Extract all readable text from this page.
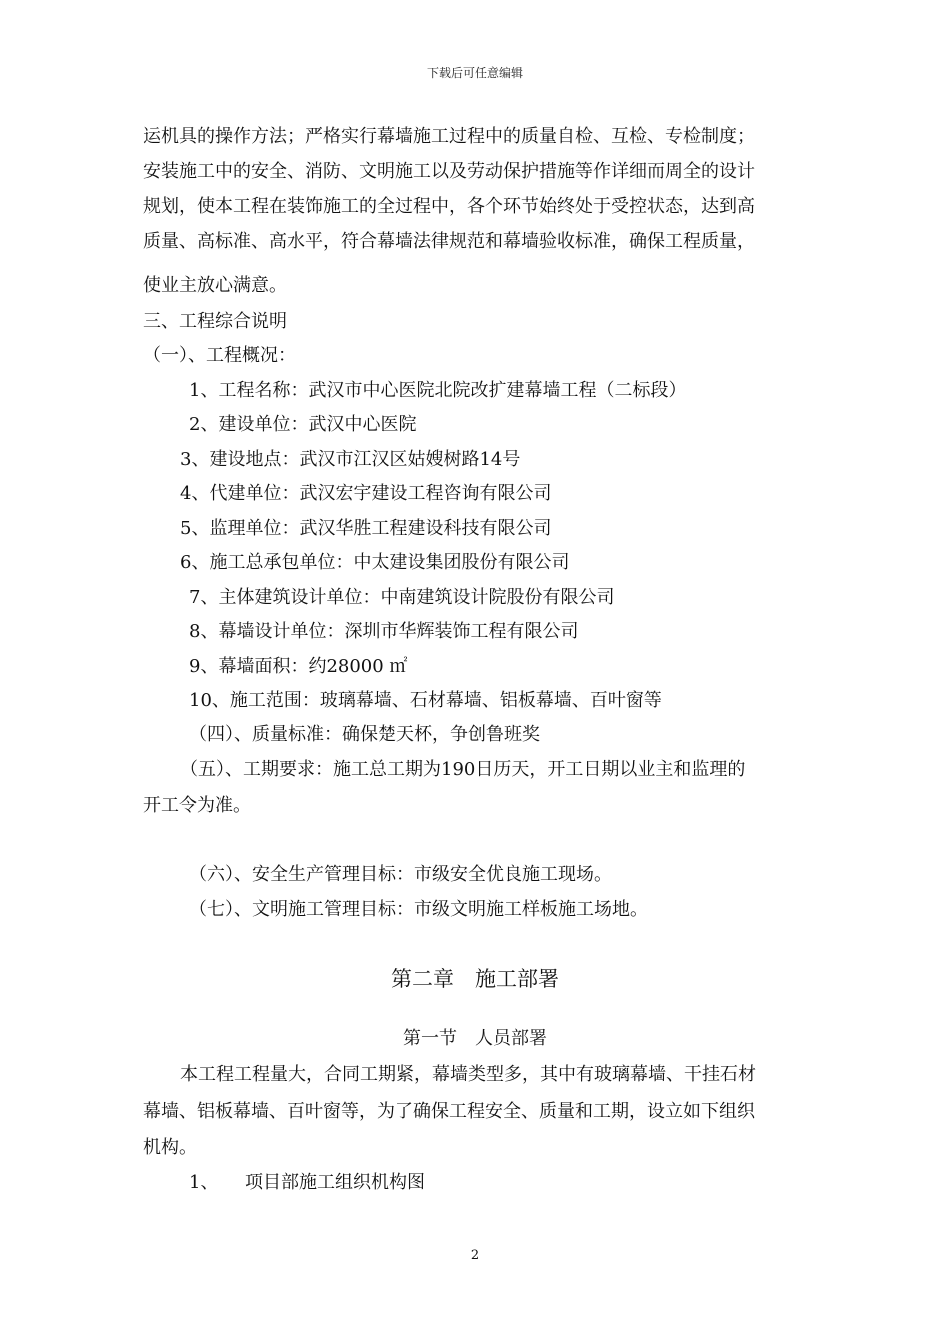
下载后可任意编辑
运机具的操作方法；严格实行幕墙施工过程中的质量自检、互检、专检制度；
安装施工中的安全、消防、文明施工以及劳动保护措施等作详细而周全的设计
规划，使本工程在装饰施工的全过程中，各个环节始终处于受控状态，达到高
质量、高标准、高水平，符合幕墙法律规范和幕墙验收标准，确保工程质量，
使业主放心满意。
三、工程综合说明
（一）、工程概况：
1、工程名称：武汉市中心医院北院改扩建幕墙工程（二标段）
2、建设单位：武汉中心医院
3、建设地点：武汉市江汉区姑嫂树路14号
4、代建单位：武汉宏宇建设工程咨询有限公司
5、监理单位：武汉华胜工程建设科技有限公司
6、施工总承包单位：中太建设集团股份有限公司
7、主体建筑设计单位：中南建筑设计院股份有限公司
8、幕墙设计单位：深圳市华辉装饰工程有限公司
9、幕墙面积：约28000 ㎡
10、施工范围：玻璃幕墙、石材幕墙、铝板幕墙、百叶窗等
（四）、质量标准：确保楚天杯，争创鲁班奖
（五）、工期要求：施工总工期为190日历天，开工日期以业主和监理的
开工令为准。
（六）、安全生产管理目标：市级安全优良施工现场。
（七）、文明施工管理目标：市级文明施工样板施工场地。
第二章　施工部署
第一节　人员部署
本工程工程量大，合同工期紧，幕墙类型多，其中有玻璃幕墙、干挂石材
幕墙、铝板幕墙、百叶窗等，为了确保工程安全、质量和工期，设立如下组织
机构。
1、 项目部施工组织机构图
2
